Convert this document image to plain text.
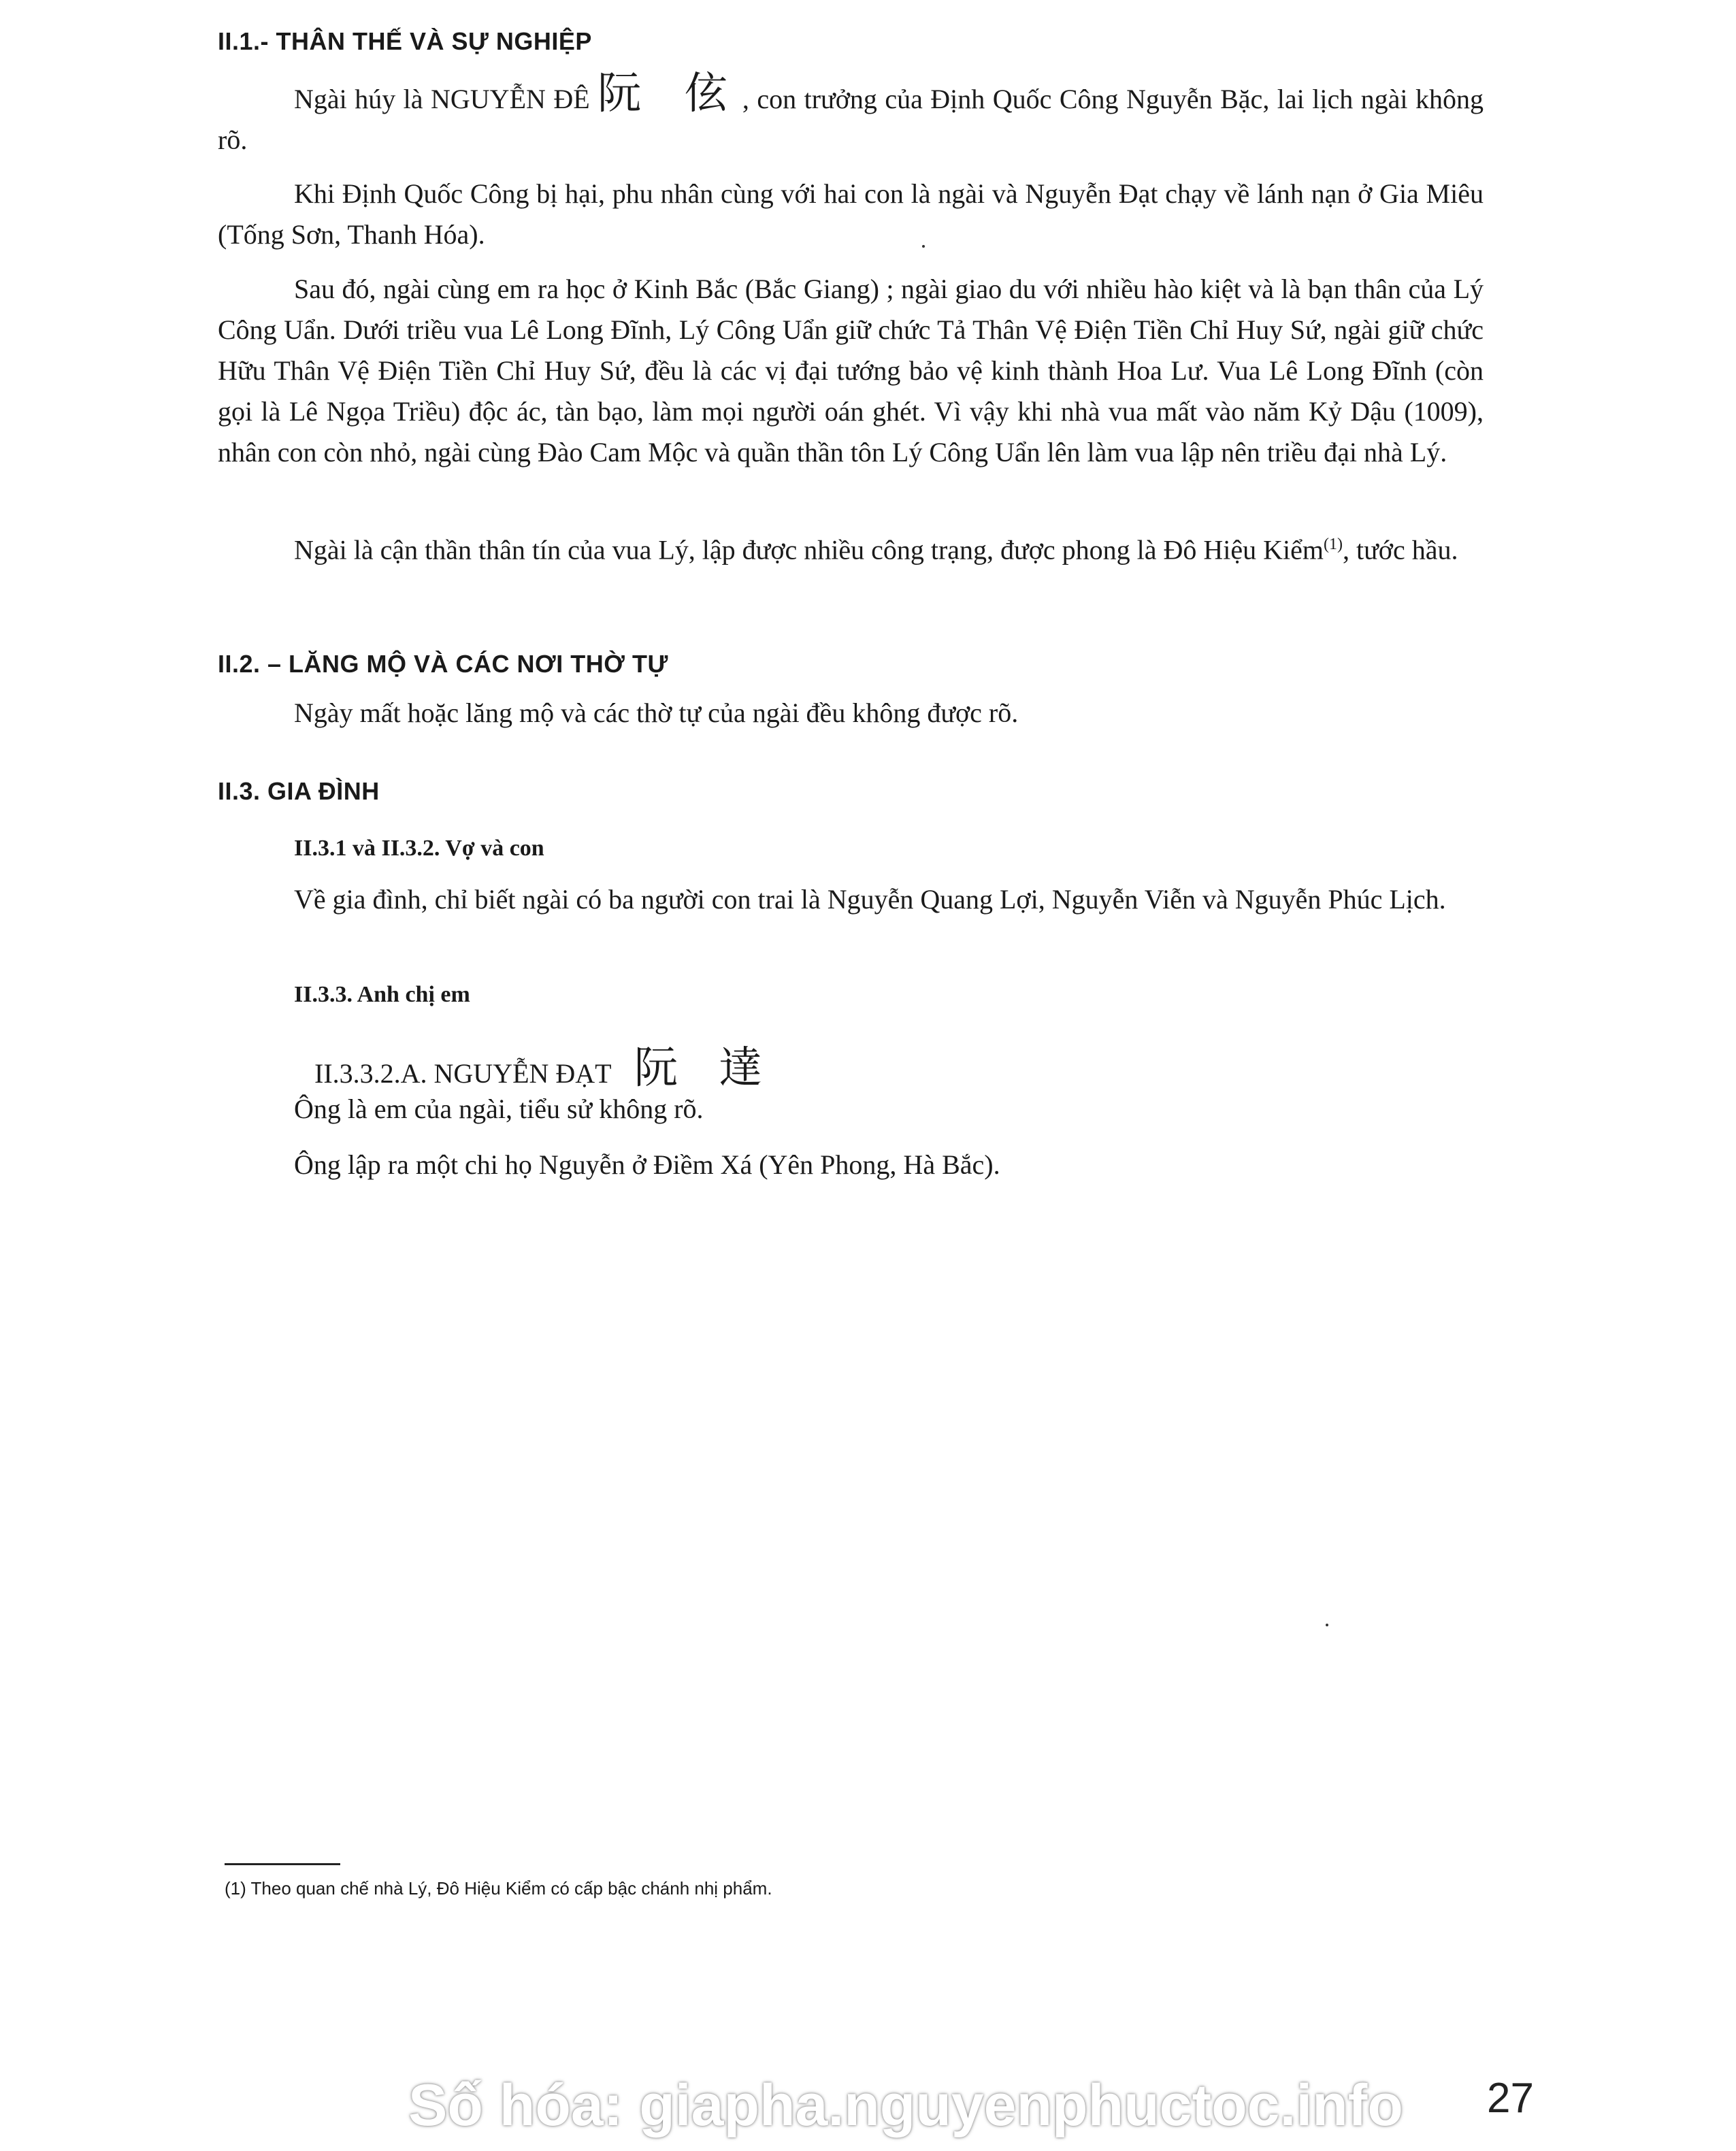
II.1.- THÂN THẾ VÀ SỰ NGHIỆP

Ngài húy là NGUYỄN ĐÊ 阮 伭, con trưởng của Định Quốc Công Nguyễn Bặc, lai lịch ngài không rõ.

Khi Định Quốc Công bị hại, phu nhân cùng với hai con là ngài và Nguyễn Đạt chạy về lánh nạn ở Gia Miêu (Tống Sơn, Thanh Hóa).

Sau đó, ngài cùng em ra học ở Kinh Bắc (Bắc Giang) ; ngài giao du với nhiều hào kiệt và là bạn thân của Lý Công Uẩn. Dưới triều vua Lê Long Đĩnh, Lý Công Uẩn giữ chức Tả Thân Vệ Điện Tiền Chỉ Huy Sứ, ngài giữ chức Hữu Thân Vệ Điện Tiền Chỉ Huy Sứ, đều là các vị đại tướng bảo vệ kinh thành Hoa Lư. Vua Lê Long Đĩnh (còn gọi là Lê Ngọa Triều) độc ác, tàn bạo, làm mọi người oán ghét. Vì vậy khi nhà vua mất vào năm Kỷ Dậu (1009), nhân con còn nhỏ, ngài cùng Đào Cam Mộc và quần thần tôn Lý Công Uẩn lên làm vua lập nên triều đại nhà Lý.

Ngài là cận thần thân tín của vua Lý, lập được nhiều công trạng, được phong là Đô Hiệu Kiểm$^{(1)}$, tước hầu.

II.2. – LĂNG MỘ VÀ CÁC NƠI THỜ TỰ

Ngày mất hoặc lăng mộ và các thờ tự của ngài đều không được rõ.

II.3. GIA ĐÌNH
II.3.1 và II.3.2. Vợ và con

Về gia đình, chỉ biết ngài có ba người con trai là Nguyễn Quang Lợi, Nguyễn Viễn và Nguyễn Phúc Lịch.

II.3.3. Anh chị em
II.3.3.2.A. NGUYỄN ĐẠT 阮 達
Ông là em của ngài, tiểu sử không rõ.
Ông lập ra một chi họ Nguyễn ở Điềm Xá (Yên Phong, Hà Bắc).
(1) Theo quan chế nhà Lý, Đô Hiệu Kiểm có cấp bậc chánh nhị phẩm.
Số hóa: giapha.nguyenphuctoc.info 27
